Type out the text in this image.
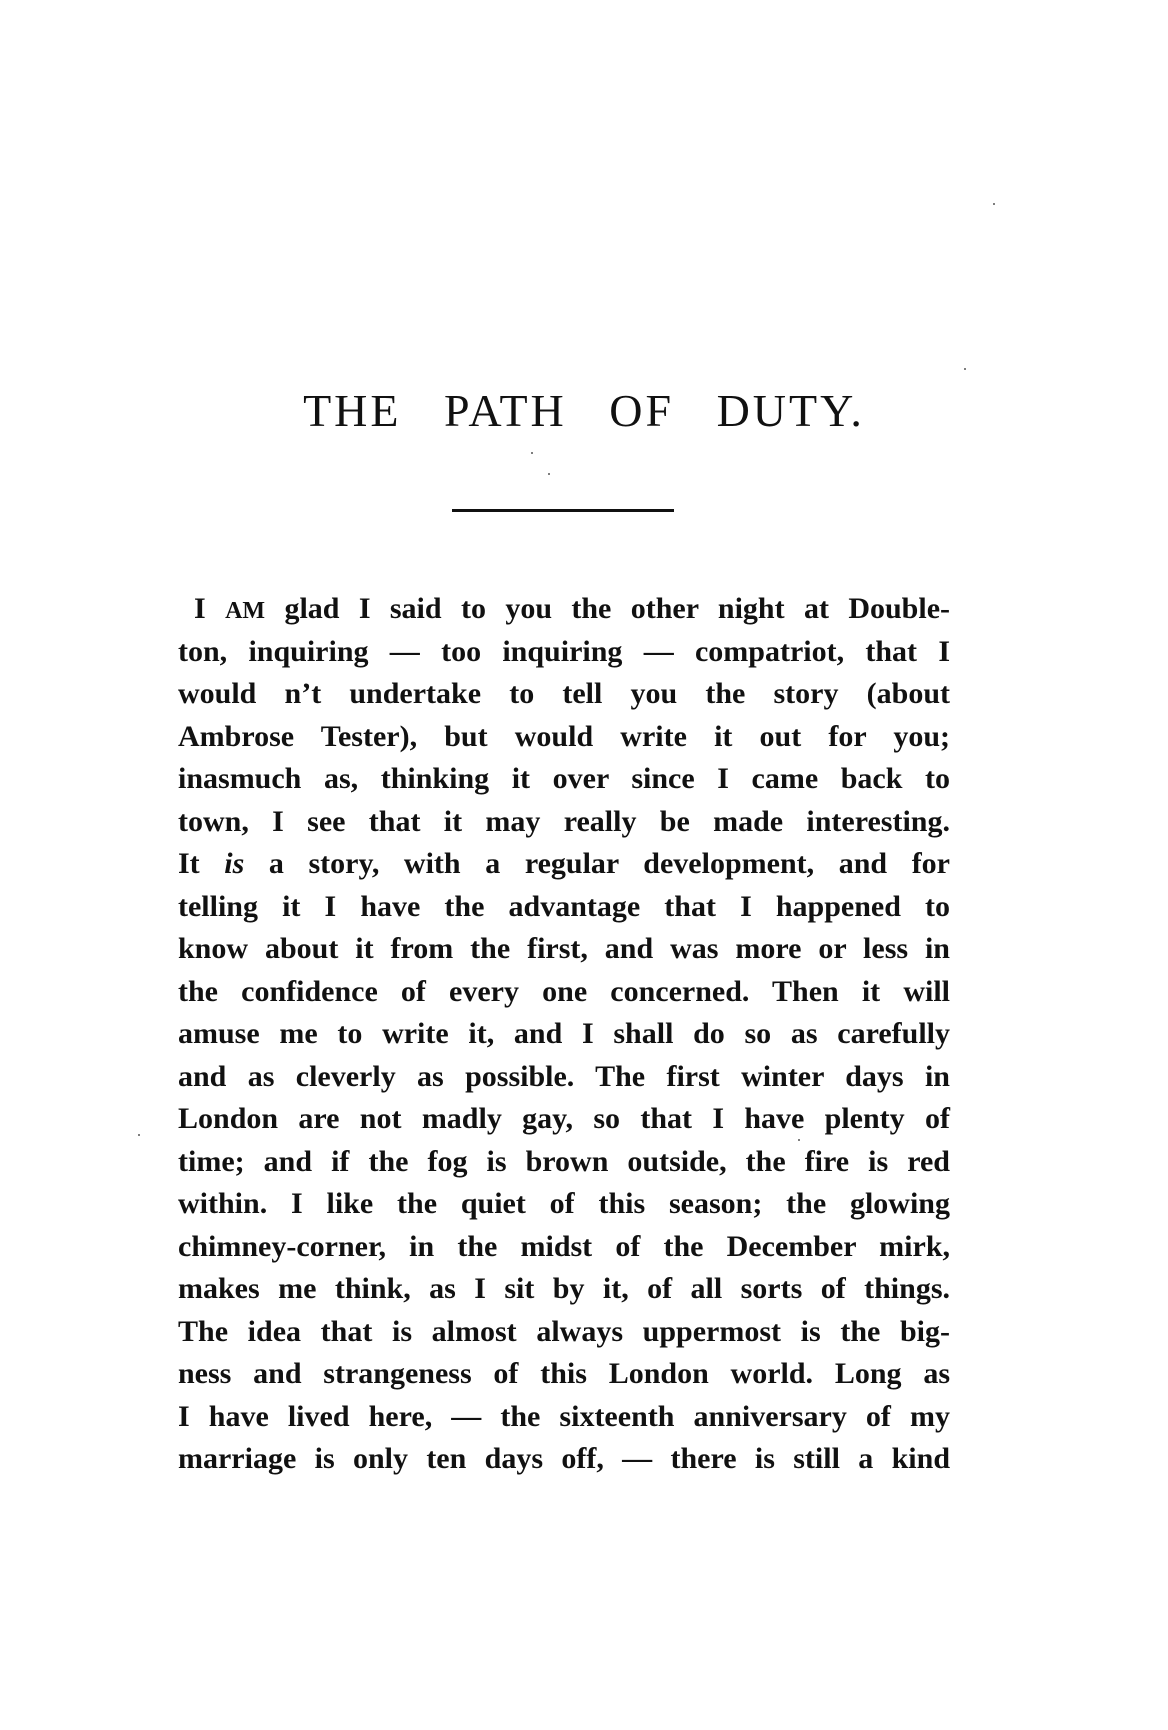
THE PATH OF DUTY.
I AM glad I said to you the other night at Double-
ton, inquiring — too inquiring — compatriot, that I
would n’t undertake to tell you the story (about
Ambrose Tester), but would write it out for you;
inasmuch as, thinking it over since I came back to
town, I see that it may really be made interesting.
It is a story, with a regular development, and for
telling it I have the advantage that I happened to
know about it from the first, and was more or less in
the confidence of every one concerned. Then it will
amuse me to write it, and I shall do so as carefully
and as cleverly as possible. The first winter days in
London are not madly gay, so that I have plenty of
time; and if the fog is brown outside, the fire is red
within. I like the quiet of this season; the glowing
chimney-corner, in the midst of the December mirk,
makes me think, as I sit by it, of all sorts of things.
The idea that is almost always uppermost is the big-
ness and strangeness of this London world. Long as
I have lived here, — the sixteenth anniversary of my
marriage is only ten days off, — there is still a kind
